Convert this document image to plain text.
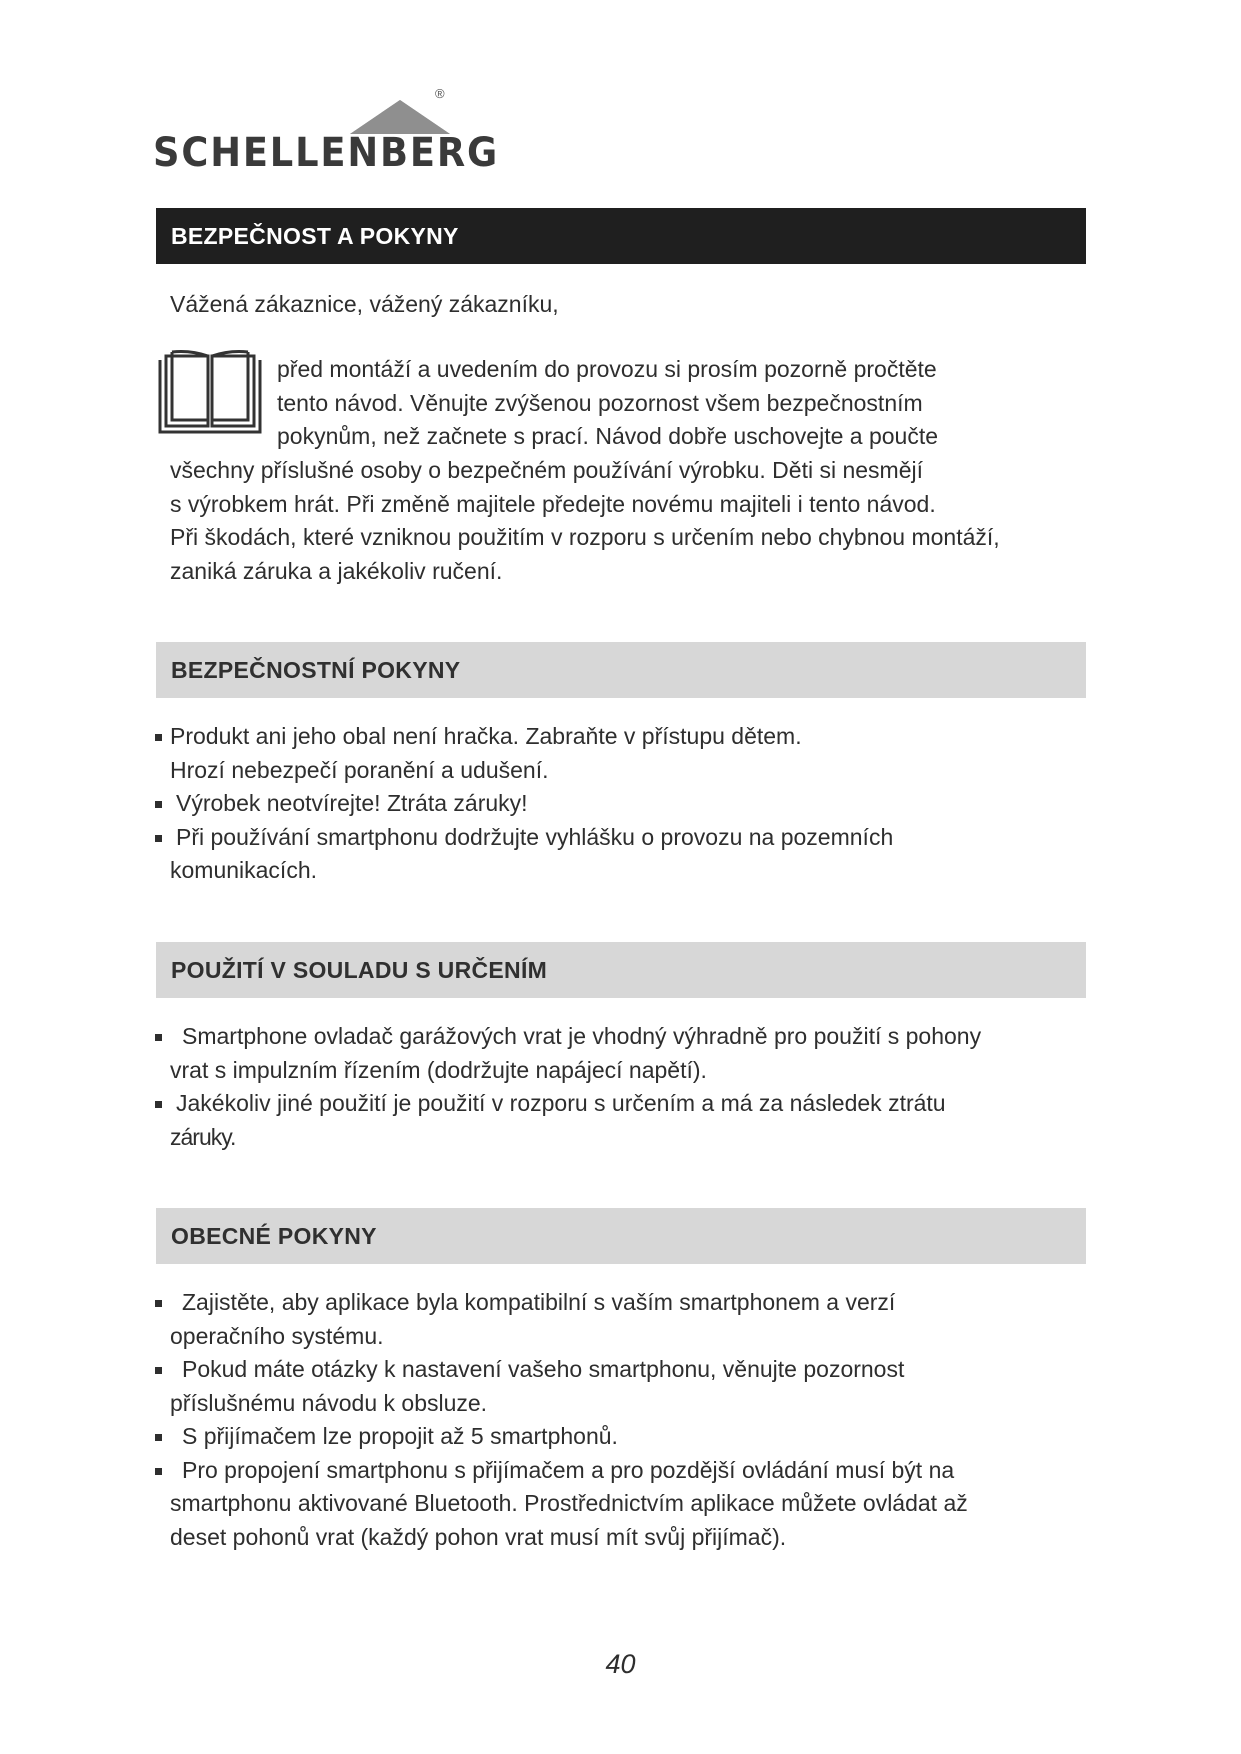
®
SCHELLENBERG
BEZPEČNOST A POKYNY
Vážená zákaznice, vážený zákazníku,
před montáží a uvedením do provozu si prosím pozorně pročtěte
tento návod. Věnujte zvýšenou pozornost všem bezpečnostním
pokynům, než začnete s prací. Návod dobře uschovejte a poučte
všechny příslušné osoby o bezpečném používání výrobku. Děti si nesmějí
s výrobkem hrát. Při změně majitele předejte novému majiteli i tento návod.
Při škodách, které vzniknou použitím v rozporu s určením nebo chybnou montáží,
zaniká záruka a jakékoliv ručení.
BEZPEČNOSTNÍ POKYNY
Produkt ani jeho obal není hračka. Zabraňte v přístupu dětem.
Hrozí nebezpečí poranění a udušení.
Výrobek neotvírejte! Ztráta záruky!
Při používání smartphonu dodržujte vyhlášku o provozu na pozemních
komunikacích.
POUŽITÍ V SOULADU S URČENÍM
Smartphone ovladač garážových vrat je vhodný výhradně pro použití s pohony
vrat s impulzním řízením (dodržujte napájecí napětí).
Jakékoliv jiné použití je použití v rozporu s určením a má za následek ztrátu
záruky.
OBECNÉ POKYNY
Zajistěte, aby aplikace byla kompatibilní s vaším smartphonem a verzí
operačního systému.
Pokud máte otázky k nastavení vašeho smartphonu, věnujte pozornost
příslušnému návodu k obsluze.
S přijímačem lze propojit až 5 smartphonů.
Pro propojení smartphonu s přijímačem a pro pozdější ovládání musí být na
smartphonu aktivované Bluetooth. Prostřednictvím aplikace můžete ovládat až
deset pohonů vrat (každý pohon vrat musí mít svůj přijímač).
40
